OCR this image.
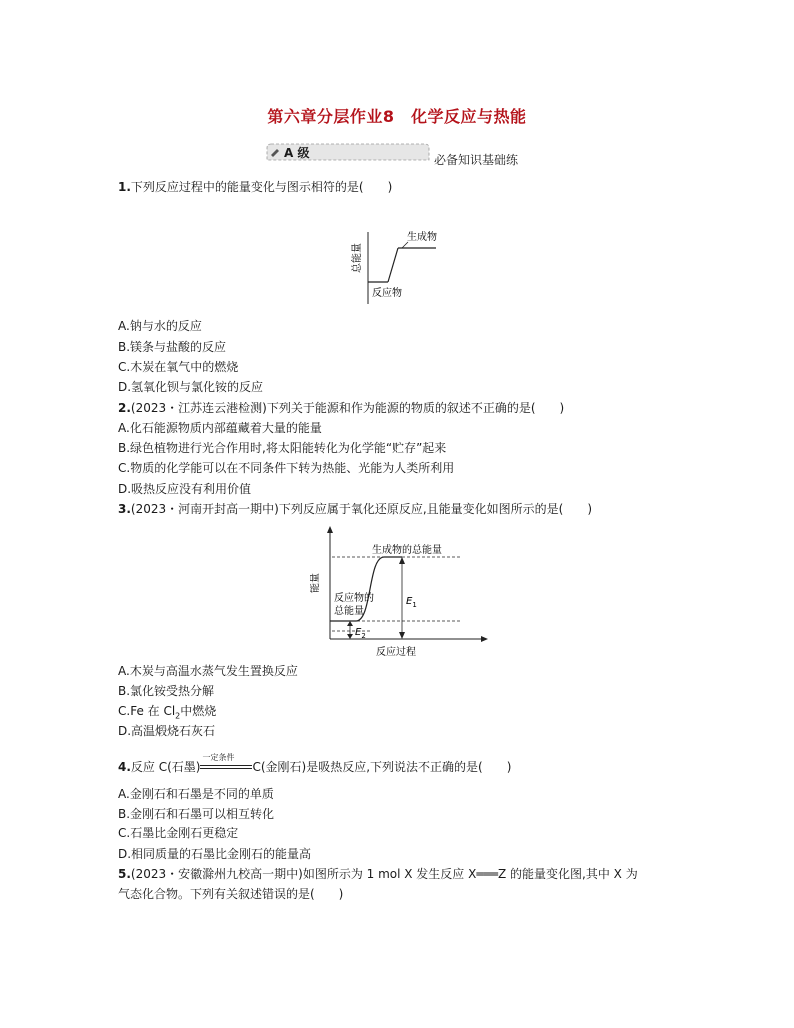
第六章分层作业8　化学反应与热能
A 级	必备知识基础练
1.下列反应过程中的能量变化与图示相符的是(　　)
总能量
生成物
反应物
A.钠与水的反应
B.镁条与盐酸的反应
C.木炭在氧气中的燃烧
D.氢氧化钡与氯化铵的反应
2.(2023・江苏连云港检测)下列关于能源和作为能源的物质的叙述不正确的是(　　)
A.化石能源物质内部蕴藏着大量的能量
B.绿色植物进行光合作用时,将太阳能转化为化学能“贮存”起来
C.物质的化学能可以在不同条件下转为热能、光能为人类所利用
D.吸热反应没有利用价值
3.(2023・河南开封高一期中)下列反应属于氧化还原反应,且能量变化如图所示的是(　　)
能量
反应过程
生成物的总能量
反应物的
总能量
$E_1$
$E_2$
A.木炭与高温水蒸气发生置换反应
B.氯化铵受热分解
C.Fe 在 $Cl_2$中燃烧
D.高温煅烧石灰石
4.反应 C(石墨)
一定条件
C(金刚石)是吸热反应,下列说法不正确的是(　　)
A.金刚石和石墨是不同的单质
B.金刚石和石墨可以相互转化
C.石墨比金刚石更稳定
D.相同质量的石墨比金刚石的能量高
5.(2023・安徽滁州九校高一期中)如图所示为 1 mol X 发生反应 X═══Z 的能量变化图,其中 X 为
气态化合物。下列有关叙述错误的是(　　)
